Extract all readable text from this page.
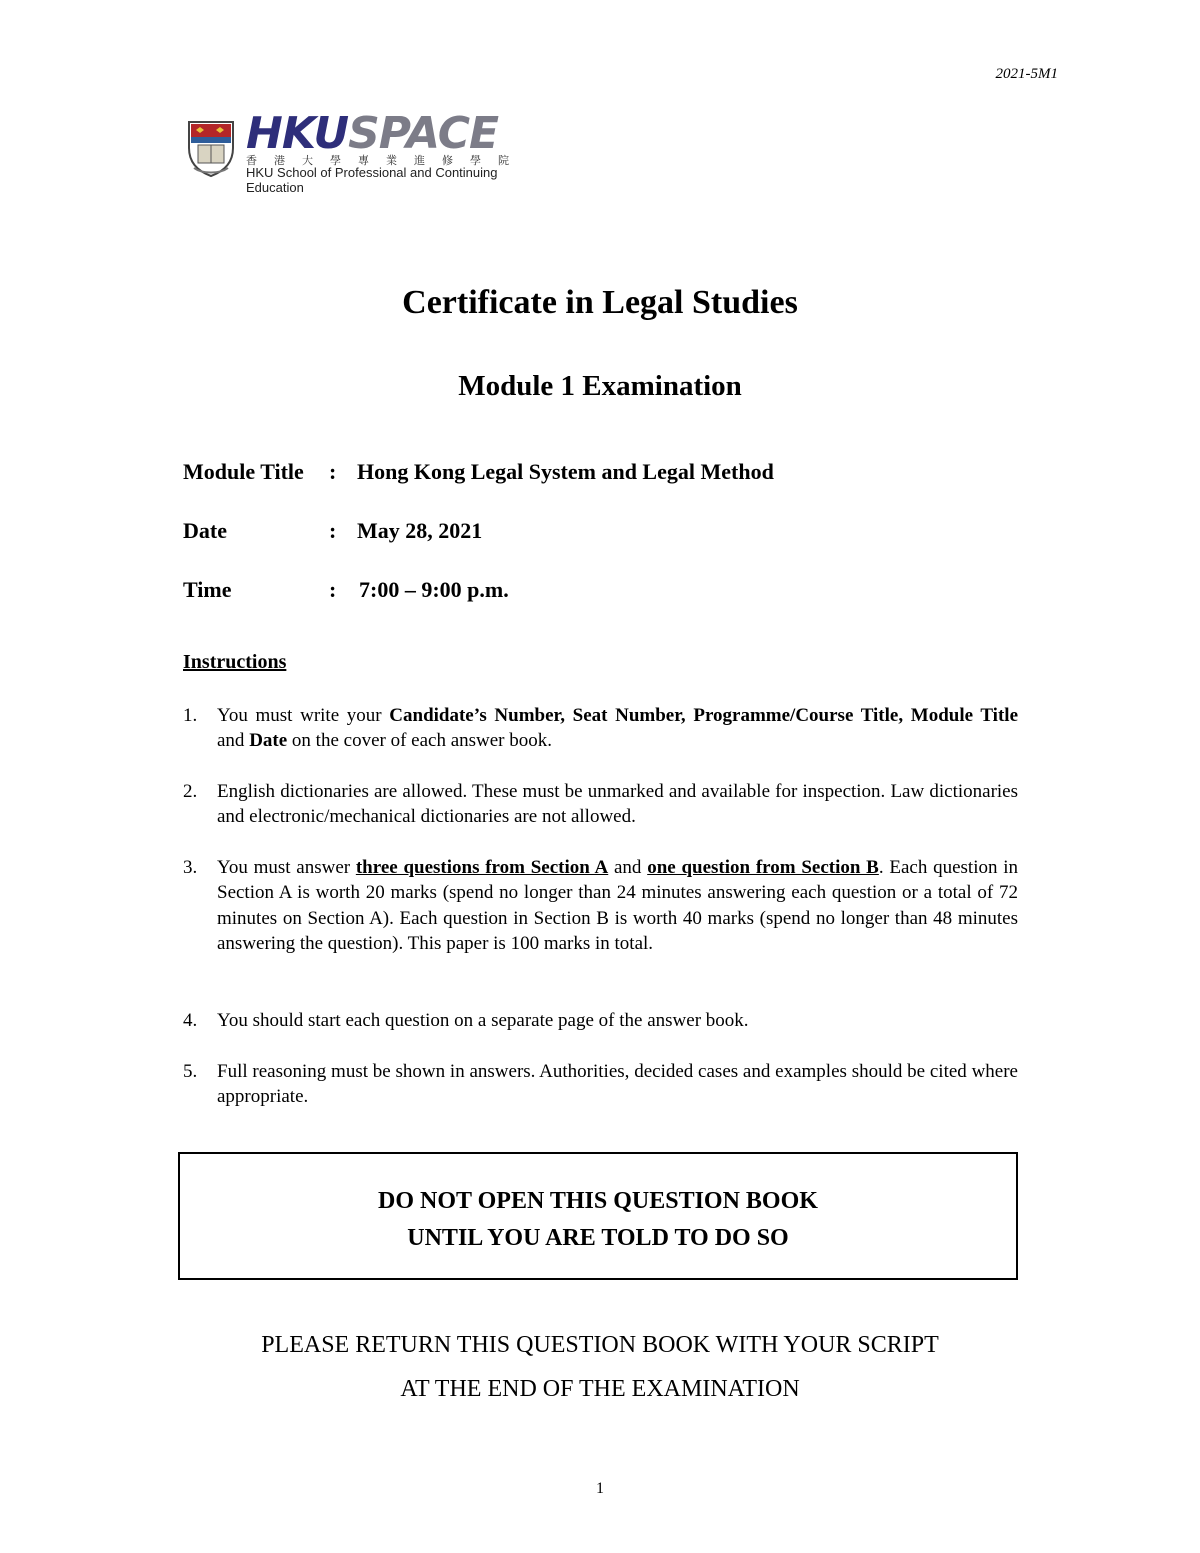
2021-5M1
HKUSPACE
香港大學專業進修學院
HKU School of Professional and Continuing Education
Certificate in Legal Studies
Module 1 Examination
Module Title : Hong Kong Legal System and Legal Method
Date	: May 28, 2021
Time	: 7:00 – 9:00 p.m.
Instructions
1. You must write your Candidate’s Number, Seat Number, Programme/Course Title, Module Title and Date on the cover of each answer book.
2. English dictionaries are allowed. These must be unmarked and available for inspection. Law dictionaries and electronic/mechanical dictionaries are not allowed.
3. You must answer three questions from Section A and one question from Section B. Each question in Section A is worth 20 marks (spend no longer than 24 minutes answering each question or a total of 72 minutes on Section A). Each question in Section B is worth 40 marks (spend no longer than 48 minutes answering the question). This paper is 100 marks in total.
4. You should start each question on a separate page of the answer book.
5. Full reasoning must be shown in answers. Authorities, decided cases and examples should be cited where appropriate.
DO NOT OPEN THIS QUESTION BOOK
UNTIL YOU ARE TOLD TO DO SO
PLEASE RETURN THIS QUESTION BOOK WITH YOUR SCRIPT
AT THE END OF THE EXAMINATION
1
